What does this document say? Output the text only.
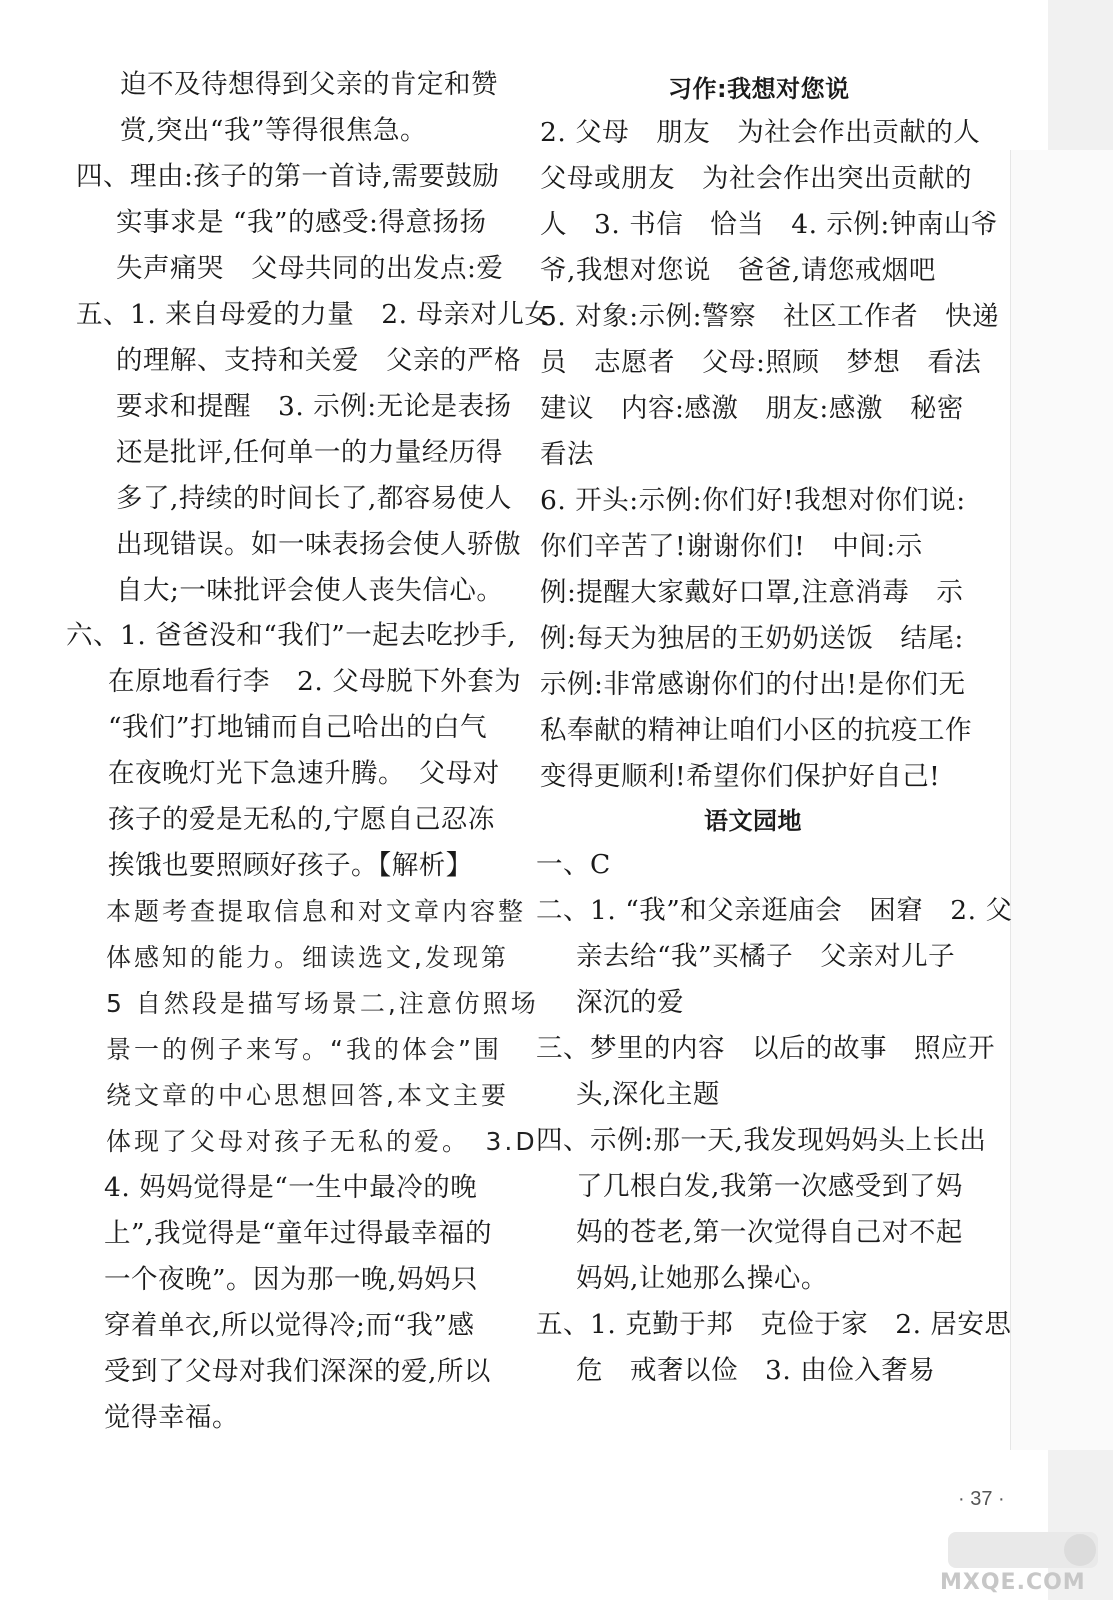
迫不及待想得到父亲的肯定和赞
赏,突出“我”等得很焦急。
四、理由:孩子的第一首诗,需要鼓励
实事求是 “我”的感受:得意扬扬
失声痛哭　父母共同的出发点:爱
五、1. 来自母爱的力量　2. 母亲对儿女
的理解、支持和关爱　父亲的严格
要求和提醒　3. 示例:无论是表扬
还是批评,任何单一的力量经历得
多了,持续的时间长了,都容易使人
出现错误。如一味表扬会使人骄傲
自大;一味批评会使人丧失信心。
六、1. 爸爸没和“我们”一起去吃抄手,
在原地看行李　2. 父母脱下外套为
“我们”打地铺而自己哈出的白气
在夜晚灯光下急速升腾。　父母对
孩子的爱是无私的,宁愿自己忍冻
挨饿也要照顾好孩子。【解析】
本题考查提取信息和对文章内容整
体感知的能力。细读选文,发现第
5 自然段是描写场景二,注意仿照场
景一的例子来写。“我的体会”围
绕文章的中心思想回答,本文主要
体现了父母对孩子无私的爱。　3.D
4. 妈妈觉得是“一生中最冷的晚
上”,我觉得是“童年过得最幸福的
一个夜晚”。因为那一晚,妈妈只
穿着单衣,所以觉得冷;而“我”感
受到了父母对我们深深的爱,所以
觉得幸福。
习作:我想对您说
2. 父母　朋友　为社会作出贡献的人
父母或朋友　为社会作出突出贡献的
人　3. 书信　恰当　4. 示例:钟南山爷
爷,我想对您说　爸爸,请您戒烟吧
5. 对象:示例:警察　社区工作者　快递
员　志愿者　父母:照顾　梦想　看法
建议　内容:感激　朋友:感激　秘密
看法
6. 开头:示例:你们好!我想对你们说:
你们辛苦了!谢谢你们!　中间:示
例:提醒大家戴好口罩,注意消毒　示
例:每天为独居的王奶奶送饭　结尾:
示例:非常感谢你们的付出!是你们无
私奉献的精神让咱们小区的抗疫工作
变得更顺利!希望你们保护好自己!
语文园地
一、C
二、1. “我”和父亲逛庙会　困窘　2. 父
亲去给“我”买橘子　父亲对儿子
深沉的爱
三、梦里的内容　以后的故事　照应开
头,深化主题
四、示例:那一天,我发现妈妈头上长出
了几根白发,我第一次感受到了妈
妈的苍老,第一次觉得自己对不起
妈妈,让她那么操心。
五、1. 克勤于邦　克俭于家　2. 居安思
危　戒奢以俭　3. 由俭入奢易
· 37 ·
MXQE.COM
